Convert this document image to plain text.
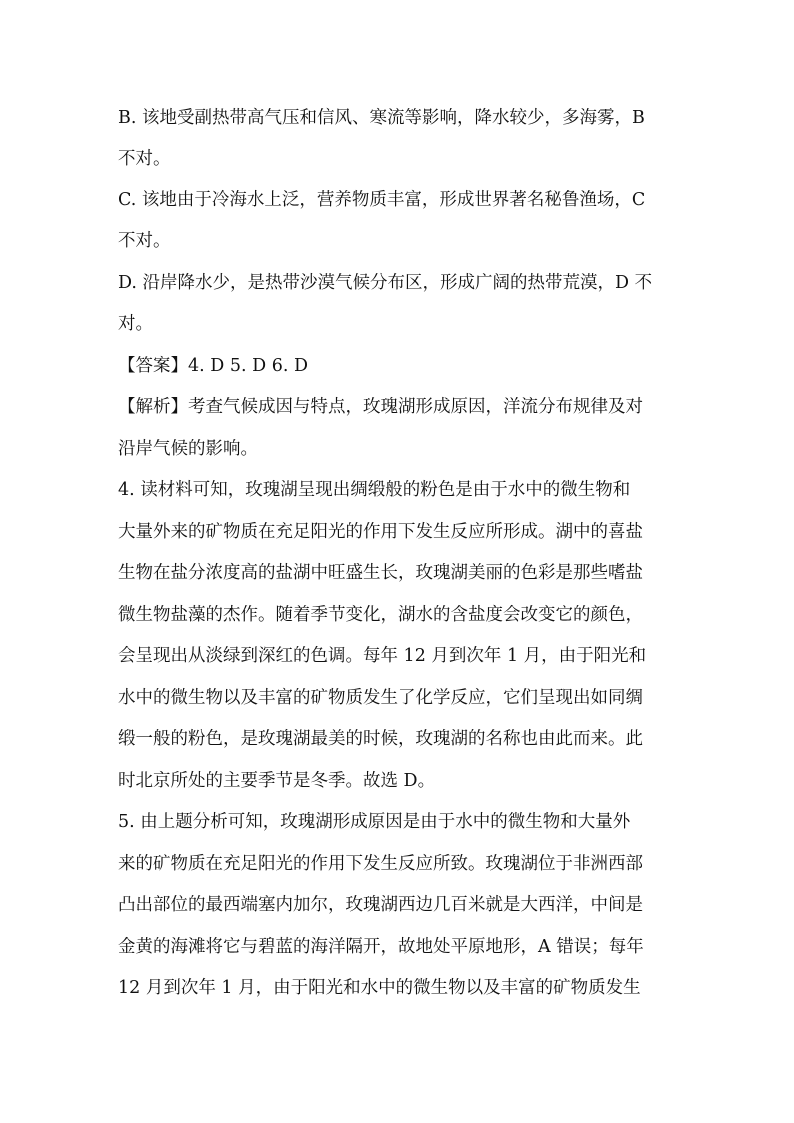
B. 该地受副热带高气压和信风、寒流等影响，降水较少，多海雾，B
不对。
C. 该地由于冷海水上泛，营养物质丰富，形成世界著名秘鲁渔场，C
不对。
D. 沿岸降水少，是热带沙漠气候分布区，形成广阔的热带荒漠，D 不
对。
【答案】4. D 5. D 6. D
【解析】考查气候成因与特点，玫瑰湖形成原因，洋流分布规律及对
沿岸气候的影响。
4. 读材料可知，玫瑰湖呈现出绸缎般的粉色是由于水中的微生物和
大量外来的矿物质在充足阳光的作用下发生反应所形成。湖中的喜盐
生物在盐分浓度高的盐湖中旺盛生长，玫瑰湖美丽的色彩是那些嗜盐
微生物盐藻的杰作。随着季节变化，湖水的含盐度会改变它的颜色，
会呈现出从淡绿到深红的色调。每年 12 月到次年 1 月，由于阳光和
水中的微生物以及丰富的矿物质发生了化学反应，它们呈现出如同绸
缎一般的粉色，是玫瑰湖最美的时候，玫瑰湖的名称也由此而来。此
时北京所处的主要季节是冬季。故选 D。
5. 由上题分析可知，玫瑰湖形成原因是由于水中的微生物和大量外
来的矿物质在充足阳光的作用下发生反应所致。玫瑰湖位于非洲西部
凸出部位的最西端塞内加尔，玫瑰湖西边几百米就是大西洋，中间是
金黄的海滩将它与碧蓝的海洋隔开，故地处平原地形，A 错误；每年
12 月到次年 1 月，由于阳光和水中的微生物以及丰富的矿物质发生
